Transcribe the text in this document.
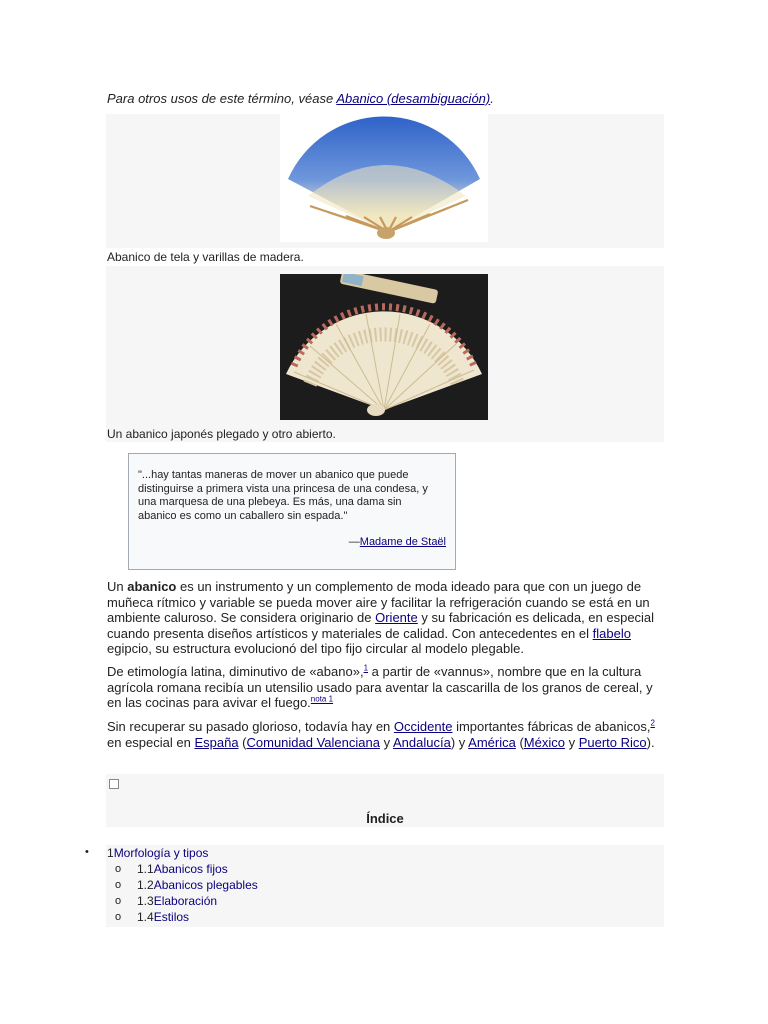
Para otros usos de este término, véase Abanico (desambiguación).
Abanico de tela y varillas de madera.
Un abanico japonés plegado y otro abierto.
"...hay tantas maneras de mover un abanico que puede distinguirse a primera vista una princesa de una condesa, y una marquesa de una plebeya. Es más, una dama sin abanico es como un caballero sin espada."
—Madame de Staël
Un abanico es un instrumento y un complemento de moda ideado para que con un juego de muñeca rítmico y variable se pueda mover aire y facilitar la refrigeración cuando se está en un ambiente caluroso. Se considera originario de Oriente y su fabricación es delicada, en especial cuando presenta diseños artísticos y materiales de calidad. Con antecedentes en el flabelo egipcio, su estructura evolucionó del tipo fijo circular al modelo plegable.
De etimología latina, diminutivo de «abano»,$^1$ a partir de «vannus», nombre que en la cultura agrícola romana recibía un utensilio usado para aventar la cascarilla de los granos de cereal, y en las cocinas para avivar el fuego.$^{nota 1}$
Sin recuperar su pasado glorioso, todavía hay en Occidente importantes fábricas de abanicos,$^2$ en especial en España (Comunidad Valenciana y Andalucía) y América (México y Puerto Rico).
Índice
• 1Morfología y tipos
o 1.1Abanicos fijos
o 1.2Abanicos plegables
o 1.3Elaboración
o 1.4Estilos
